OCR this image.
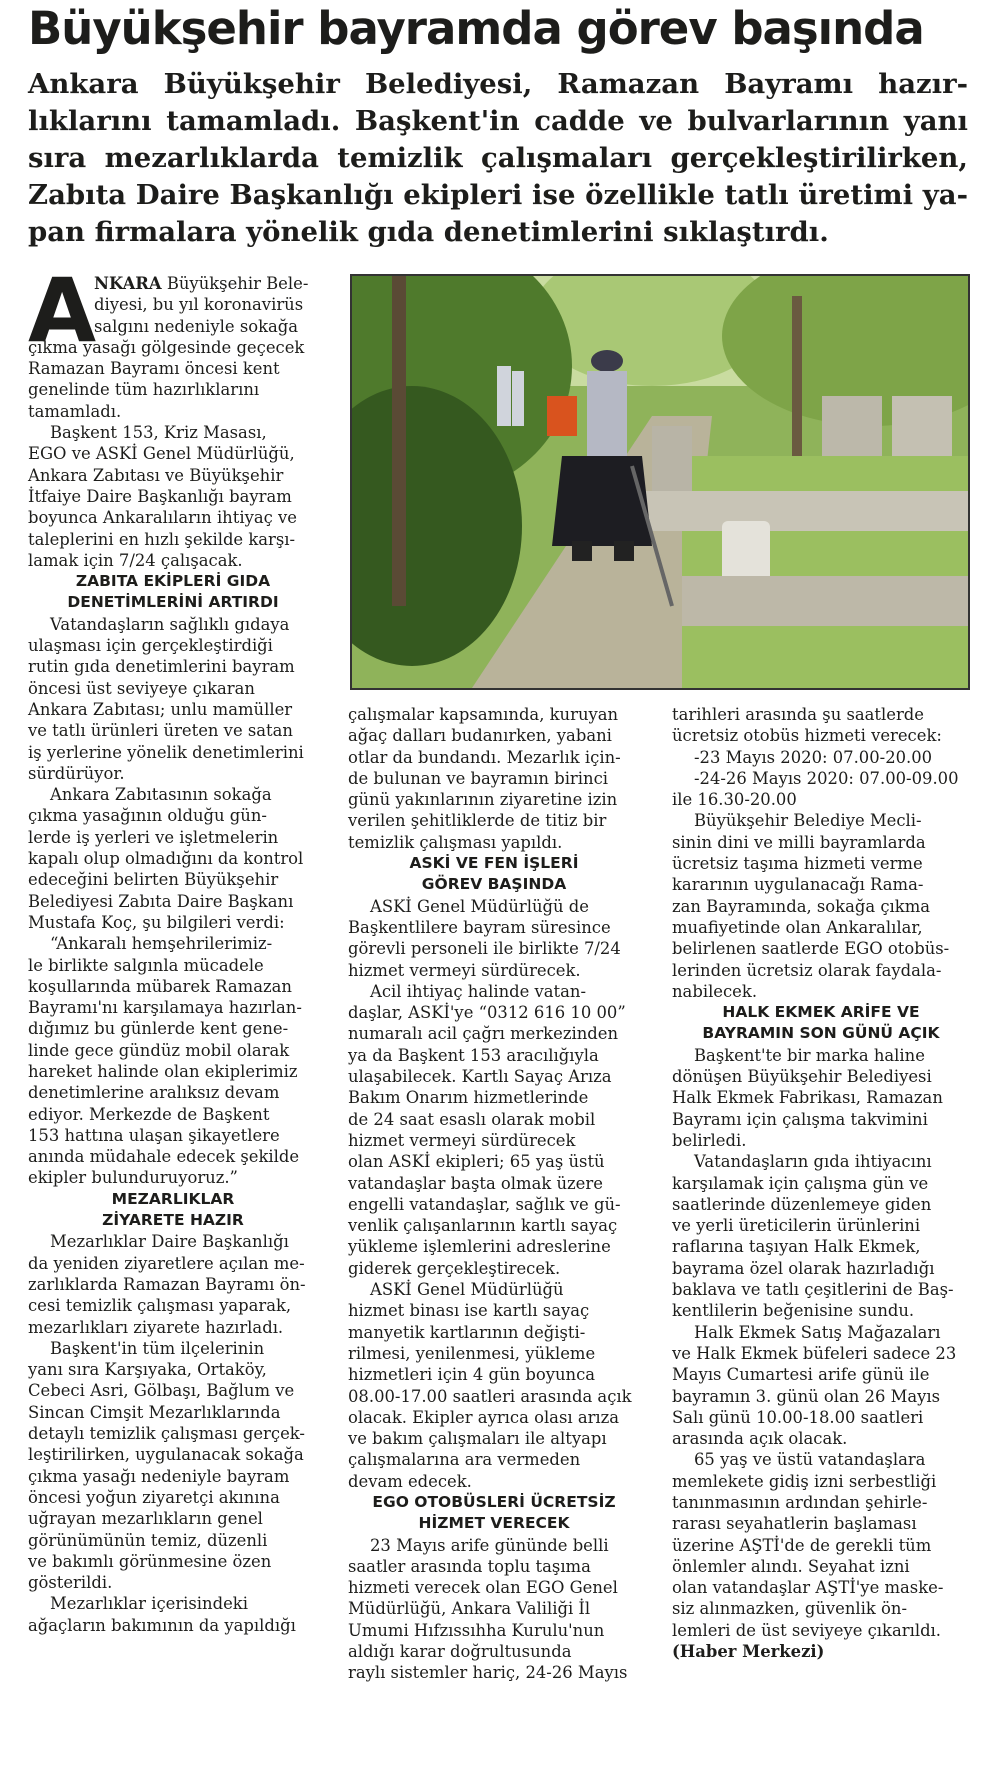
Büyükşehir bayramda görev başında
Ankara Büyükşehir Belediyesi, Ramazan Bayramı hazır-
lıklarını tamamladı. Başkent'in cadde ve bulvarlarının yanı
sıra mezarlıklarda temizlik çalışmaları gerçekleştirilirken,
Zabıta Daire Başkanlığı ekipleri ise özellikle tatlı üretimi ya-
pan firmalara yönelik gıda denetimlerini sıklaştırdı.
A
NKARA Büyükşehir Bele-
diyesi, bu yıl koronavirüs
salgını nedeniyle sokağa
çıkma yasağı gölgesinde geçecek
Ramazan Bayramı öncesi kent
genelinde tüm hazırlıklarını
tamamladı.
Başkent 153, Kriz Masası,
EGO ve ASKİ Genel Müdürlüğü,
Ankara Zabıtası ve Büyükşehir
İtfaiye Daire Başkanlığı bayram
boyunca Ankaralıların ihtiyaç ve
taleplerini en hızlı şekilde karşı-
lamak için 7/24 çalışacak.
ZABITA EKİPLERİ GIDA
DENETİMLERİNİ ARTIRDI
Vatandaşların sağlıklı gıdaya
ulaşması için gerçekleştirdiği
rutin gıda denetimlerini bayram
öncesi üst seviyeye çıkaran
Ankara Zabıtası; unlu mamüller
ve tatlı ürünleri üreten ve satan
iş yerlerine yönelik denetimlerini
sürdürüyor.
Ankara Zabıtasının sokağa
çıkma yasağının olduğu gün-
lerde iş yerleri ve işletmelerin
kapalı olup olmadığını da kontrol
edeceğini belirten Büyükşehir
Belediyesi Zabıta Daire Başkanı
Mustafa Koç, şu bilgileri verdi:
“Ankaralı hemşehrilerimiz-
le birlikte salgınla mücadele
koşullarında mübarek Ramazan
Bayramı'nı karşılamaya hazırlan-
dığımız bu günlerde kent gene-
linde gece gündüz mobil olarak
hareket halinde olan ekiplerimiz
denetimlerine aralıksız devam
ediyor. Merkezde de Başkent
153 hattına ulaşan şikayetlere
anında müdahale edecek şekilde
ekipler bulunduruyoruz.”
MEZARLIKLAR
ZİYARETE HAZIR
Mezarlıklar Daire Başkanlığı
da yeniden ziyaretlere açılan me-
zarlıklarda Ramazan Bayramı ön-
cesi temizlik çalışması yaparak,
mezarlıkları ziyarete hazırladı.
Başkent'in tüm ilçelerinin
yanı sıra Karşıyaka, Ortaköy,
Cebeci Asri, Gölbaşı, Bağlum ve
Sincan Cimşit Mezarlıklarında
detaylı temizlik çalışması gerçek-
leştirilirken, uygulanacak sokağa
çıkma yasağı nedeniyle bayram
öncesi yoğun ziyaretçi akınına
uğrayan mezarlıkların genel
görünümünün temiz, düzenli
ve bakımlı görünmesine özen
gösterildi.
Mezarlıklar içerisindeki
ağaçların bakımının da yapıldığı
çalışmalar kapsamında, kuruyan
ağaç dalları budanırken, yabani
otlar da bundandı. Mezarlık için-
de bulunan ve bayramın birinci
günü yakınlarının ziyaretine izin
verilen şehitliklerde de titiz bir
temizlik çalışması yapıldı.
ASKİ VE FEN İŞLERİ
GÖREV BAŞINDA
ASKİ Genel Müdürlüğü de
Başkentlilere bayram süresince
görevli personeli ile birlikte 7/24
hizmet vermeyi sürdürecek.
Acil ihtiyaç halinde vatan-
daşlar, ASKİ'ye “0312 616 10 00”
numaralı acil çağrı merkezinden
ya da Başkent 153 aracılığıyla
ulaşabilecek. Kartlı Sayaç Arıza
Bakım Onarım hizmetlerinde
de 24 saat esaslı olarak mobil
hizmet vermeyi sürdürecek
olan ASKİ ekipleri; 65 yaş üstü
vatandaşlar başta olmak üzere
engelli vatandaşlar, sağlık ve gü-
venlik çalışanlarının kartlı sayaç
yükleme işlemlerini adreslerine
giderek gerçekleştirecek.
ASKİ Genel Müdürlüğü
hizmet binası ise kartlı sayaç
manyetik kartlarının değişti-
rilmesi, yenilenmesi, yükleme
hizmetleri için 4 gün boyunca
08.00-17.00 saatleri arasında açık
olacak. Ekipler ayrıca olası arıza
ve bakım çalışmaları ile altyapı
çalışmalarına ara vermeden
devam edecek.
EGO OTOBÜSLERİ ÜCRETSİZ
HİZMET VERECEK
23 Mayıs arife gününde belli
saatler arasında toplu taşıma
hizmeti verecek olan EGO Genel
Müdürlüğü, Ankara Valiliği İl
Umumi Hıfzıssıhha Kurulu'nun
aldığı karar doğrultusunda
raylı sistemler hariç, 24-26 Mayıs
tarihleri arasında şu saatlerde
ücretsiz otobüs hizmeti verecek:
-23 Mayıs 2020: 07.00-20.00
-24-26 Mayıs 2020: 07.00-09.00
ile 16.30-20.00
Büyükşehir Belediye Mecli-
sinin dini ve milli bayramlarda
ücretsiz taşıma hizmeti verme
kararının uygulanacağı Rama-
zan Bayramında, sokağa çıkma
muafiyetinde olan Ankaralılar,
belirlenen saatlerde EGO otobüs-
lerinden ücretsiz olarak faydala-
nabilecek.
HALK EKMEK ARİFE VE
BAYRAMIN SON GÜNÜ AÇIK
Başkent'te bir marka haline
dönüşen Büyükşehir Belediyesi
Halk Ekmek Fabrikası, Ramazan
Bayramı için çalışma takvimini
belirledi.
Vatandaşların gıda ihtiyacını
karşılamak için çalışma gün ve
saatlerinde düzenlemeye giden
ve yerli üreticilerin ürünlerini
raflarına taşıyan Halk Ekmek,
bayrama özel olarak hazırladığı
baklava ve tatlı çeşitlerini de Baş-
kentlilerin beğenisine sundu.
Halk Ekmek Satış Mağazaları
ve Halk Ekmek büfeleri sadece 23
Mayıs Cumartesi arife günü ile
bayramın 3. günü olan 26 Mayıs
Salı günü 10.00-18.00 saatleri
arasında açık olacak.
65 yaş ve üstü vatandaşlara
memlekete gidiş izni serbestliği
tanınmasının ardından şehirle-
rarası seyahatlerin başlaması
üzerine AŞTİ'de de gerekli tüm
önlemler alındı. Seyahat izni
olan vatandaşlar AŞTİ'ye maske-
siz alınmazken, güvenlik ön-
lemleri de üst seviyeye çıkarıldı.
(Haber Merkezi)
